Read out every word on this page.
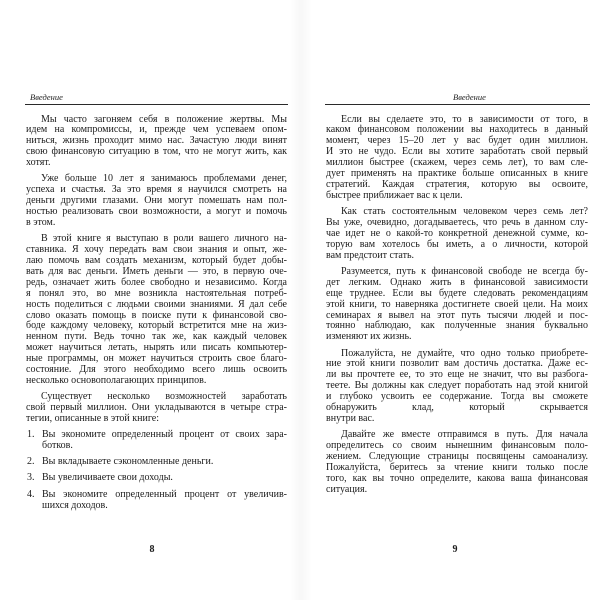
Введение
Мы часто загоняем себя в положение жертвы. Мы
идем на компромиссы, и, прежде чем успеваем опом-
ниться, жизнь проходит мимо нас. Зачастую люди винят
свою финансовую ситуацию в том, что не могут жить, как
хотят.
Уже больше 10 лет я занимаюсь проблемами денег,
успеха и счастья. За это время я научился смотреть на
деньги другими глазами. Они могут помешать нам пол-
ностью реализовать свои возможности, а могут и помочь
в этом.
В этой книге я выступаю в роли вашего личного на-
ставника. Я хочу передать вам свои знания и опыт, же-
лаю помочь вам создать механизм, который будет добы-
вать для вас деньги. Иметь деньги — это, в первую оче-
редь, означает жить более свободно и независимо. Когда
я понял это, во мне возникла настоятельная потреб-
ность поделиться с людьми своими знаниями. Я дал себе
слово оказать помощь в поиске пути к финансовой сво-
боде каждому человеку, который встретится мне на жиз-
ненном пути. Ведь точно так же, как каждый человек
может научиться летать, нырять или писать компьютер-
ные программы, он может научиться строить свое благо-
состояние. Для этого необходимо всего лишь освоить
несколько основополагающих принципов.
Существует несколько возможностей заработать
свой первый миллион. Они укладываются в четыре стра-
тегии, описанные в этой книге:
1. Вы экономите определенный процент от своих зара-
ботков.
2. Вы вкладываете сэкономленные деньги.
3. Вы увеличиваете свои доходы.
4. Вы экономите определенный процент от увеличив-
шихся доходов.
8
Введение
Если вы сделаете это, то в зависимости от того, в
каком финансовом положении вы находитесь в данный
момент, через 15–20 лет у вас будет один миллион.
И это не чудо. Если вы хотите заработать свой первый
миллион быстрее (скажем, через семь лет), то вам сле-
дует применять на практике больше описанных в книге
стратегий. Каждая стратегия, которую вы освоите,
быстрее приближает вас к цели.
Как стать состоятельным человеком через семь лет?
Вы уже, очевидно, догадываетесь, что речь в данном слу-
чае идет не о какой-то конкретной денежной сумме, ко-
торую вам хотелось бы иметь, а о личности, которой
вам предстоит стать.
Разумеется, путь к финансовой свободе не всегда бу-
дет легким. Однако жить в финансовой зависимости
еще труднее. Если вы будете следовать рекомендациям
этой книги, то наверняка достигнете своей цели. На моих
семинарах я вывел на этот путь тысячи людей и пос-
тоянно наблюдаю, как полученные знания буквально
изменяют их жизнь.
Пожалуйста, не думайте, что одно только приобрете-
ние этой книги позволит вам достичь достатка. Даже ес-
ли вы прочтете ее, то это еще не значит, что вы разбога-
теете. Вы должны как следует поработать над этой книгой
и глубоко усвоить ее содержание. Тогда вы сможете
обнаружить клад, который скрывается
внутри вас.
Давайте же вместе отправимся в путь. Для начала
определитесь со своим нынешним финансовым поло-
жением. Следующие страницы посвящены самоанализу.
Пожалуйста, беритесь за чтение книги только после
того, как вы точно определите, какова ваша финансовая
ситуация.
9
